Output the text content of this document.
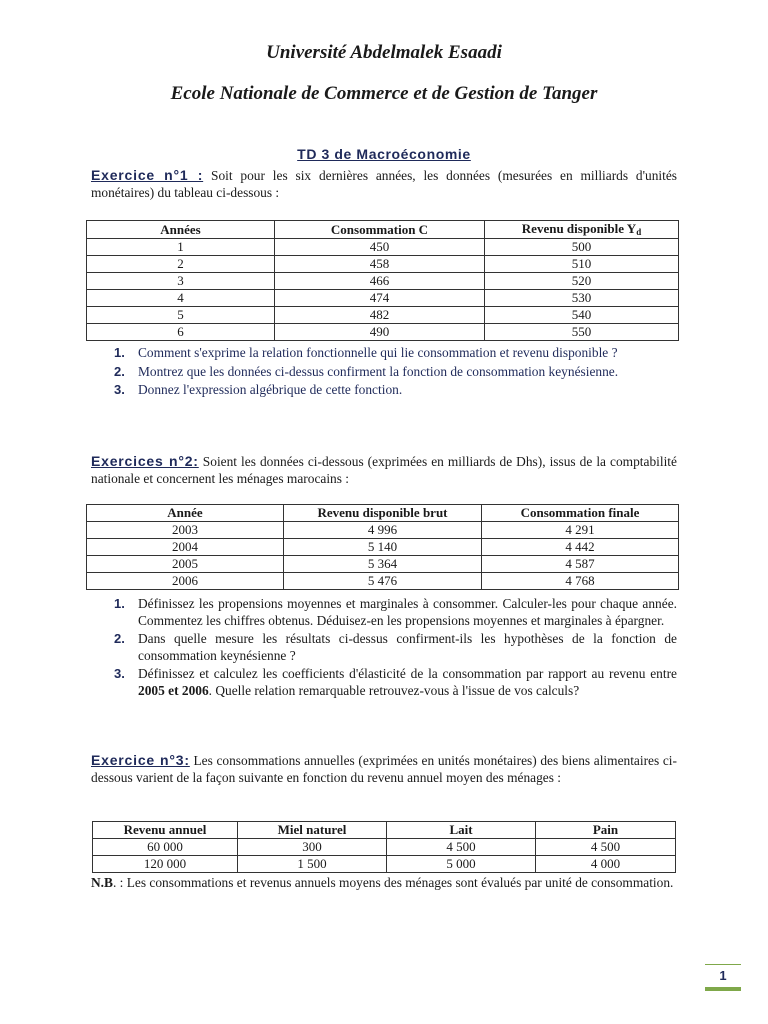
Université Abdelmalek Esaadi
Ecole Nationale de Commerce et de Gestion de Tanger
TD 3 de Macroéconomie
Exercice n°1 : Soit pour les six dernières années, les données (mesurées en milliards d'unités monétaires) du tableau ci-dessous :
Années	Consommation C	Revenu disponible $Y_d$
1	450	500
2	458	510
3	466	520
4	474	530
5	482	540
6	490	550
1. Comment s'exprime la relation fonctionnelle qui lie consommation et revenu disponible ?
2. Montrez que les données ci-dessus confirment la fonction de consommation keynésienne.
3. Donnez l'expression algébrique de cette fonction.
Exercices n°2: Soient les données ci-dessous (exprimées en milliards de Dhs), issus de la comptabilité nationale et concernent les ménages marocains :
Année	Revenu disponible brut	Consommation finale
2003	4 996	4 291
2004	5 140	4 442
2005	5 364	4 587
2006	5 476	4 768
1. Définissez les propensions moyennes et marginales à consommer. Calculer-les pour chaque année. Commentez les chiffres obtenus. Déduisez-en les propensions moyennes et marginales à épargner.
2. Dans quelle mesure les résultats ci-dessus confirment-ils les hypothèses de la fonction de consommation keynésienne ?
3. Définissez et calculez les coefficients d'élasticité de la consommation par rapport au revenu entre 2005 et 2006. Quelle relation remarquable retrouvez-vous à l'issue de vos calculs?
Exercice n°3: Les consommations annuelles (exprimées en unités monétaires) des biens alimentaires ci-dessous varient de la façon suivante en fonction du revenu annuel moyen des ménages :
Revenu annuel	Miel naturel	Lait	Pain
60 000	300	4 500	4 500
120 000	1 500	5 000	4 000
N.B. : Les consommations et revenus annuels moyens des ménages sont évalués par unité de consommation.
1
